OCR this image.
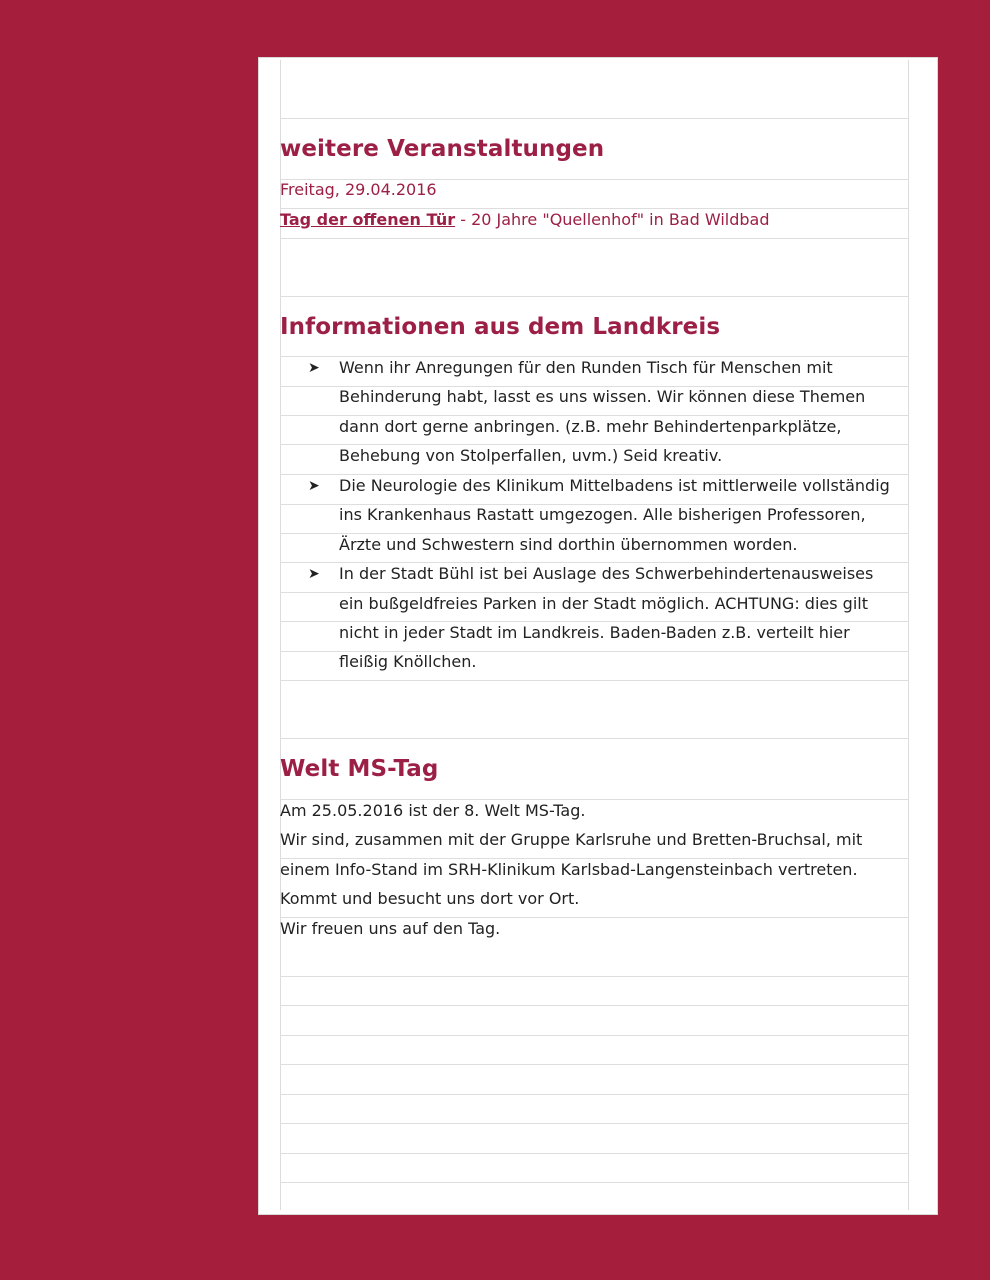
weitere Veranstaltungen
Freitag, 29.04.2016
Tag der offenen Tür - 20 Jahre "Quellenhof" in Bad Wildbad
Informationen aus dem Landkreis
➤ Wenn ihr Anregungen für den Runden Tisch für Menschen mit
Behinderung habt, lasst es uns wissen. Wir können diese Themen
dann dort gerne anbringen. (z.B. mehr Behindertenparkplätze,
Behebung von Stolperfallen, uvm.) Seid kreativ.
➤ Die Neurologie des Klinikum Mittelbadens ist mittlerweile vollständig
ins Krankenhaus Rastatt umgezogen. Alle bisherigen Professoren,
Ärzte und Schwestern sind dorthin übernommen worden.
➤ In der Stadt Bühl ist bei Auslage des Schwerbehindertenausweises
ein bußgeldfreies Parken in der Stadt möglich. ACHTUNG: dies gilt
nicht in jeder Stadt im Landkreis. Baden-Baden z.B. verteilt hier
fleißig Knöllchen.
Welt MS-Tag
Am 25.05.2016 ist der 8. Welt MS-Tag.
Wir sind, zusammen mit der Gruppe Karlsruhe und Bretten-Bruchsal, mit
einem Info-Stand im SRH-Klinikum Karlsbad-Langensteinbach vertreten.
Kommt und besucht uns dort vor Ort.
Wir freuen uns auf den Tag.
